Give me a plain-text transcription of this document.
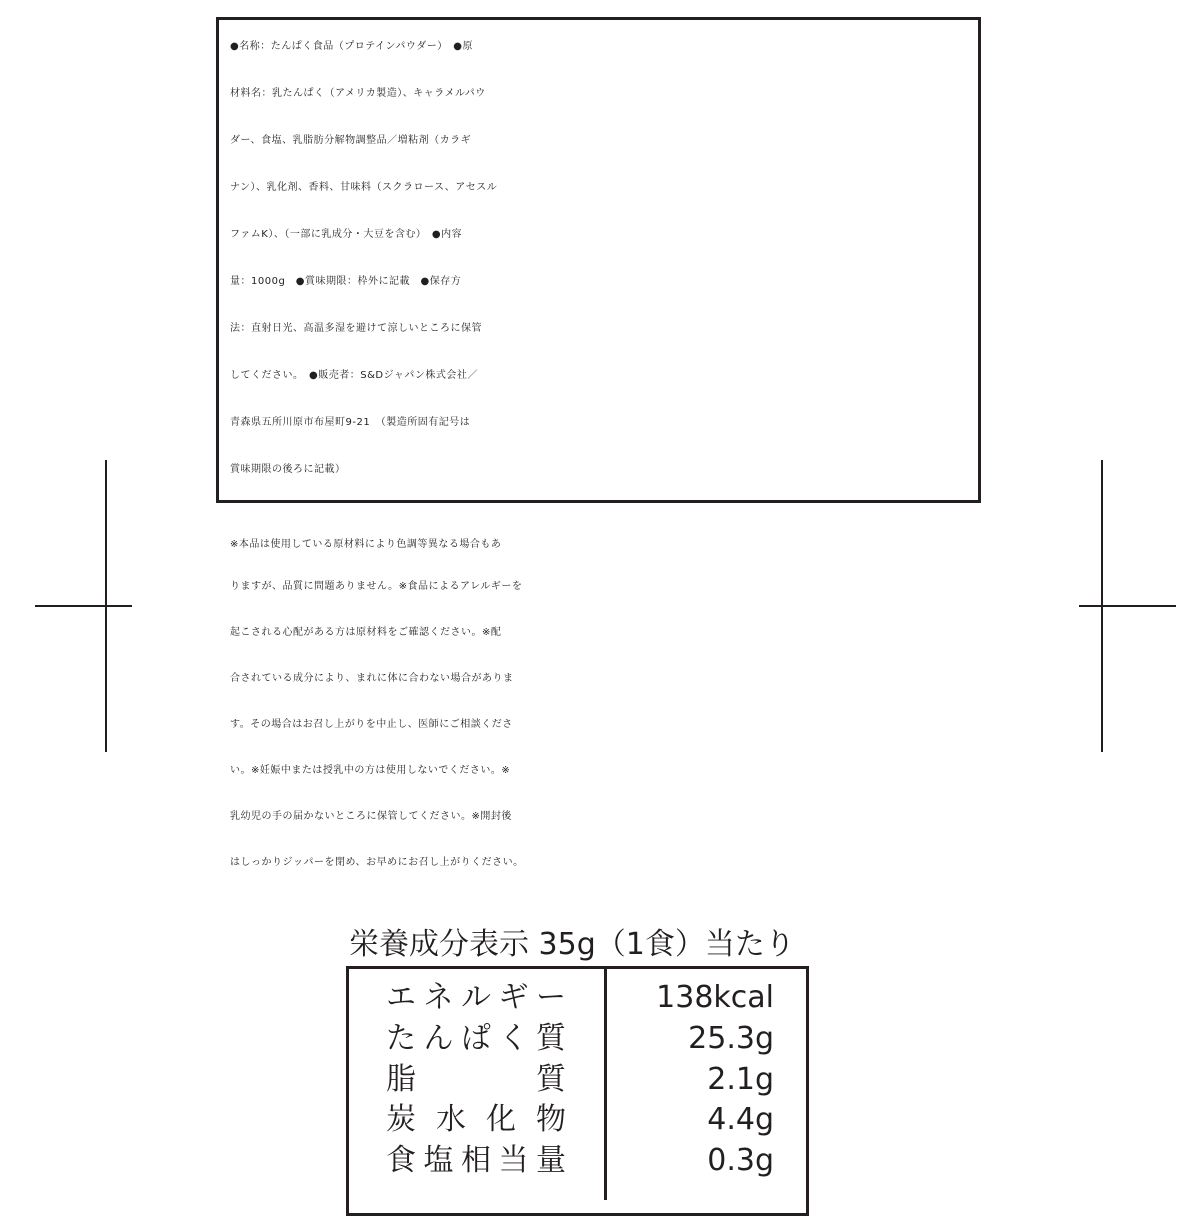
●名称：たんぱく食品（プロテインパウダー）　●原
材料名：乳たんぱく（アメリカ製造）、キャラメルパウ
ダー、食塩、乳脂肪分解物調整品／増粘剤（カラギ
ナン）、乳化剤、香料、甘味料（スクラロース、アセスル
ファムK）、（一部に乳成分・大豆を含む）　●内容
量：1000g　●賞味期限：枠外に記載　●保存方
法：直射日光、高温多湿を避けて涼しいところに保管
してください。　●販売者：S&Dジャパン株式会社／
青森県五所川原市布屋町9-21　（製造所固有記号は
賞味期限の後ろに記載）
※本品は使用している原材料により色調等異なる場合もあ
りますが、品質に問題ありません。※食品によるアレルギーを
起こされる心配がある方は原材料をご確認ください。※配
合されている成分により、まれに体に合わない場合がありま
す。その場合はお召し上がりを中止し、医師にご相談くださ
い。※妊娠中または授乳中の方は使用しないでください。※
乳幼児の手の届かないところに保管してください。※開封後
はしっかりジッパーを閉め、お早めにお召し上がりください。
栄養成分表示 35g（1食）当たり
エネルギー	138kcal
たんぱく質	25.3g
脂質	2.1g
炭水化物	4.4g
食塩相当量	0.3g
